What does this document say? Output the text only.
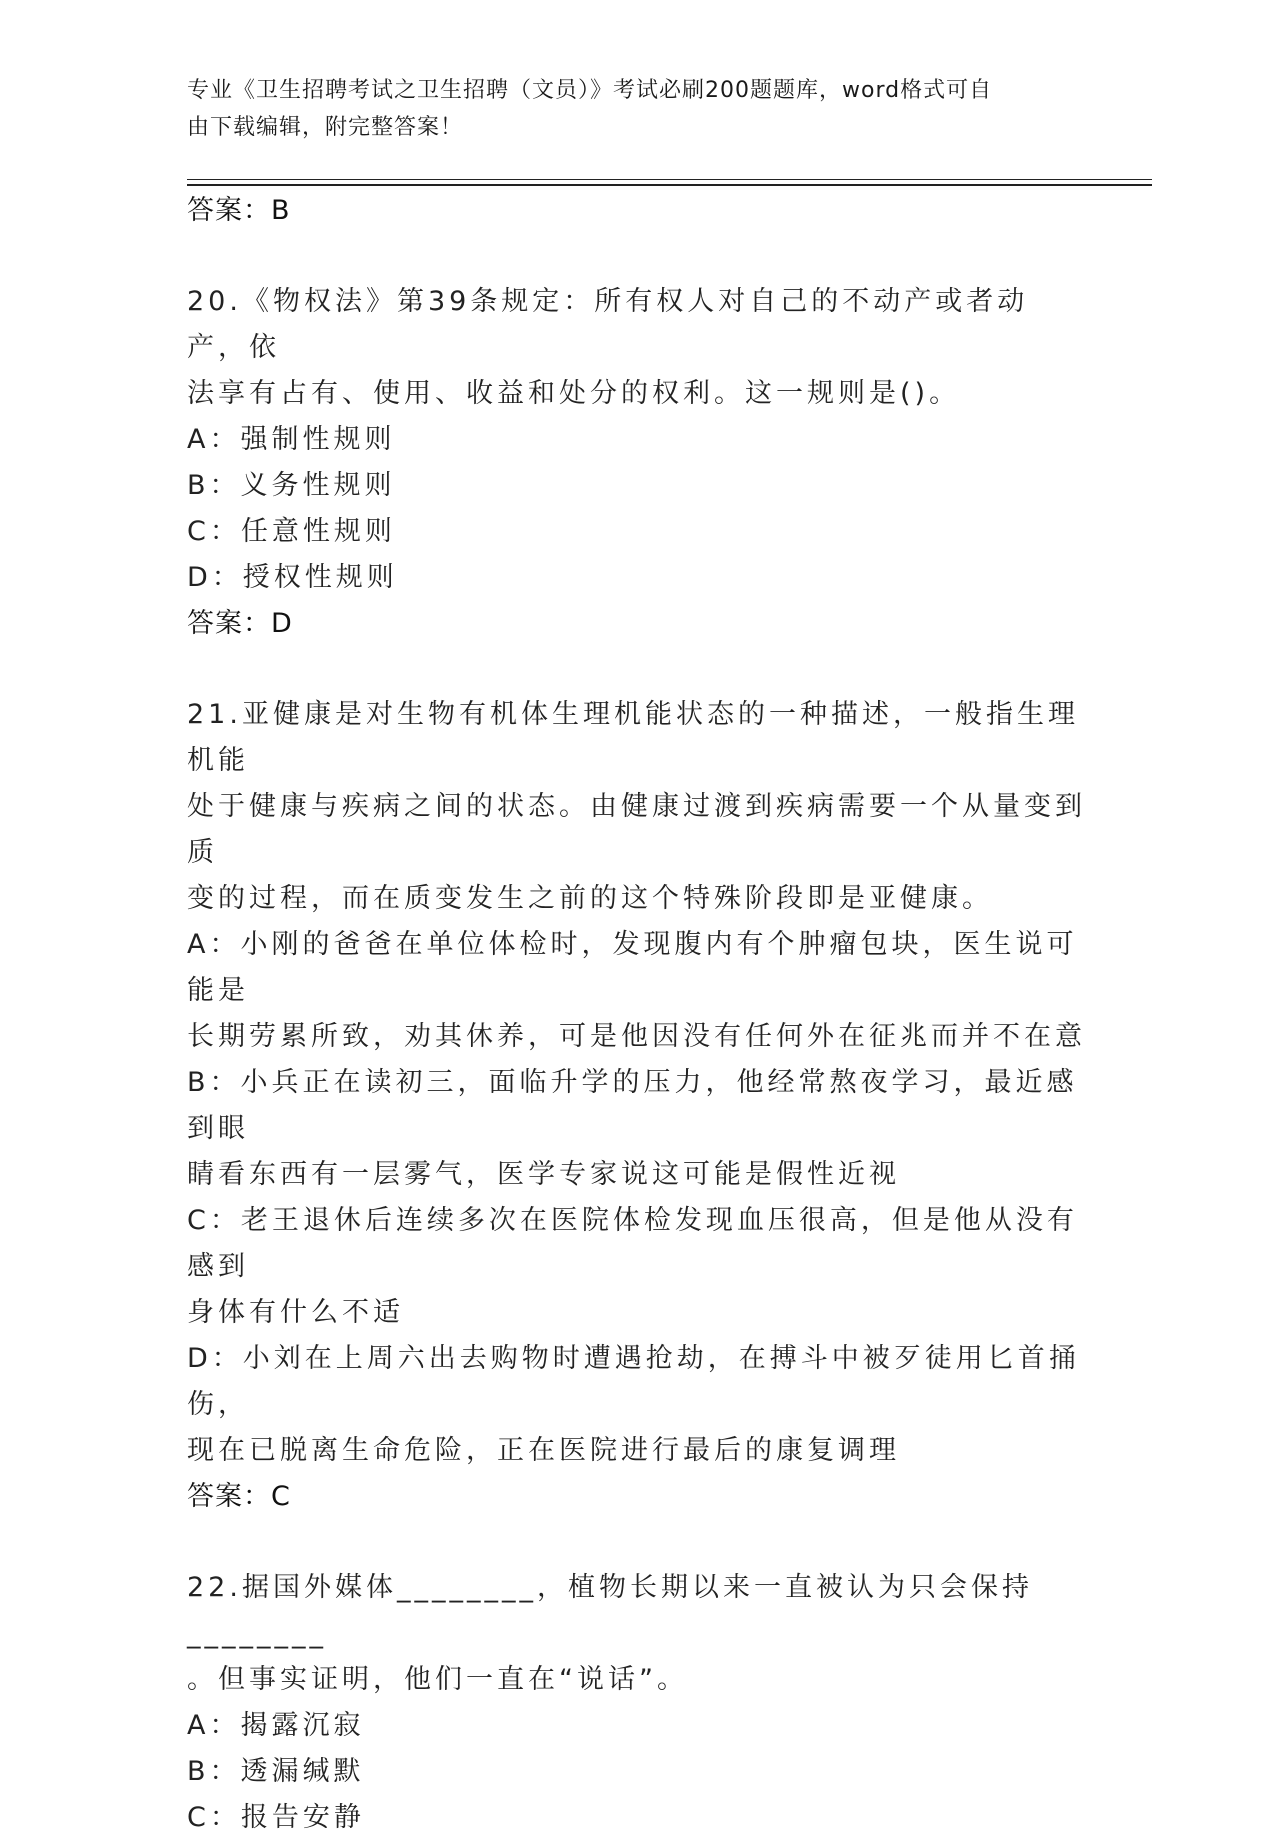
专业《卫生招聘考试之卫生招聘（文员）》考试必刷200题题库，word格式可自
由下载编辑，附完整答案！
答案：B
20.《物权法》第39条规定：所有权人对自己的不动产或者动产，依
法享有占有、使用、收益和处分的权利。这一规则是()。
A：强制性规则
B：义务性规则
C：任意性规则
D：授权性规则
答案：D
21.亚健康是对生物有机体生理机能状态的一种描述，一般指生理机能
处于健康与疾病之间的状态。由健康过渡到疾病需要一个从量变到质
变的过程，而在质变发生之前的这个特殊阶段即是亚健康。
A：小刚的爸爸在单位体检时，发现腹内有个肿瘤包块，医生说可能是
长期劳累所致，劝其休养，可是他因没有任何外在征兆而并不在意
B：小兵正在读初三，面临升学的压力，他经常熬夜学习，最近感到眼
睛看东西有一层雾气，医学专家说这可能是假性近视
C：老王退休后连续多次在医院体检发现血压很高，但是他从没有感到
身体有什么不适
D：小刘在上周六出去购物时遭遇抢劫，在搏斗中被歹徒用匕首捅伤，
现在已脱离生命危险，正在医院进行最后的康复调理
答案：C
22.据国外媒体________，植物长期以来一直被认为只会保持________
。但事实证明，他们一直在“说话”。
A：揭露沉寂
B：透漏缄默
C：报告安静
